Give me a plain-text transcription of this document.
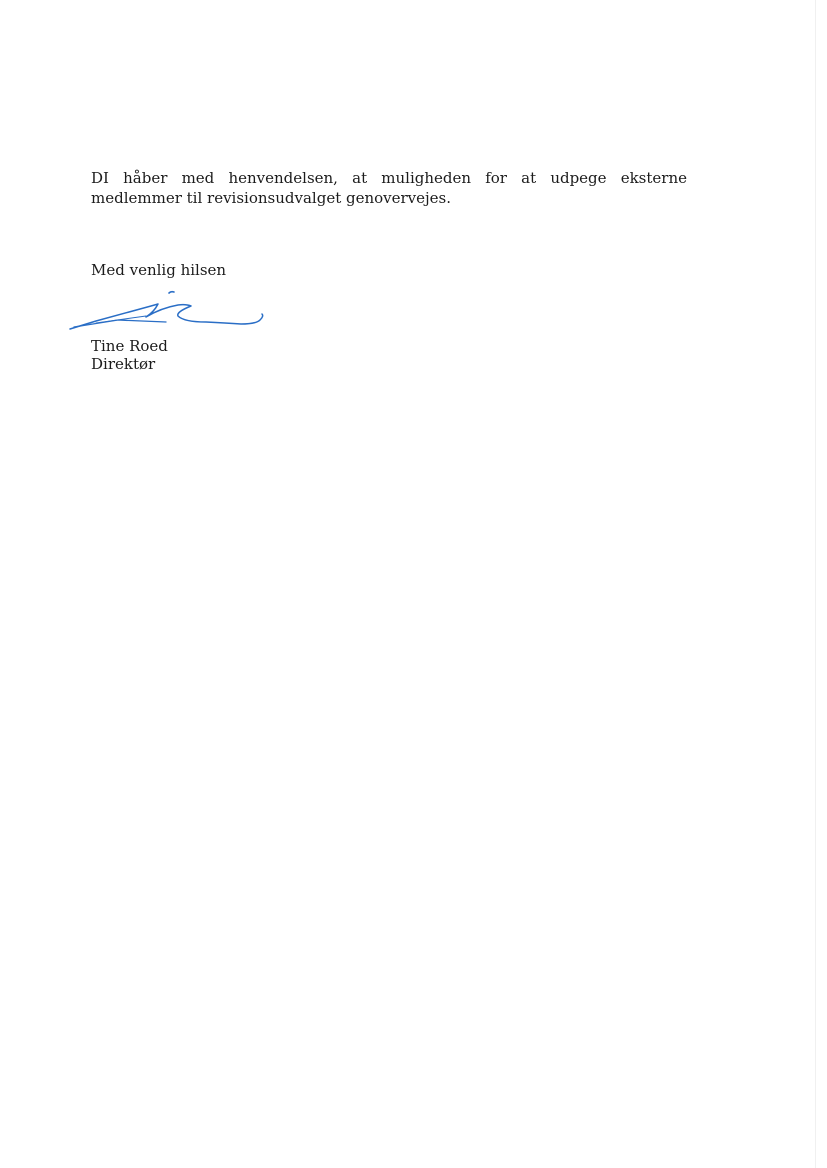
DI håber med henvendelsen, at muligheden for at udpege eksterne medlemmer til revisionsudvalget genovervejes.

Med venlig hilsen

Tine Roed
Direktør
